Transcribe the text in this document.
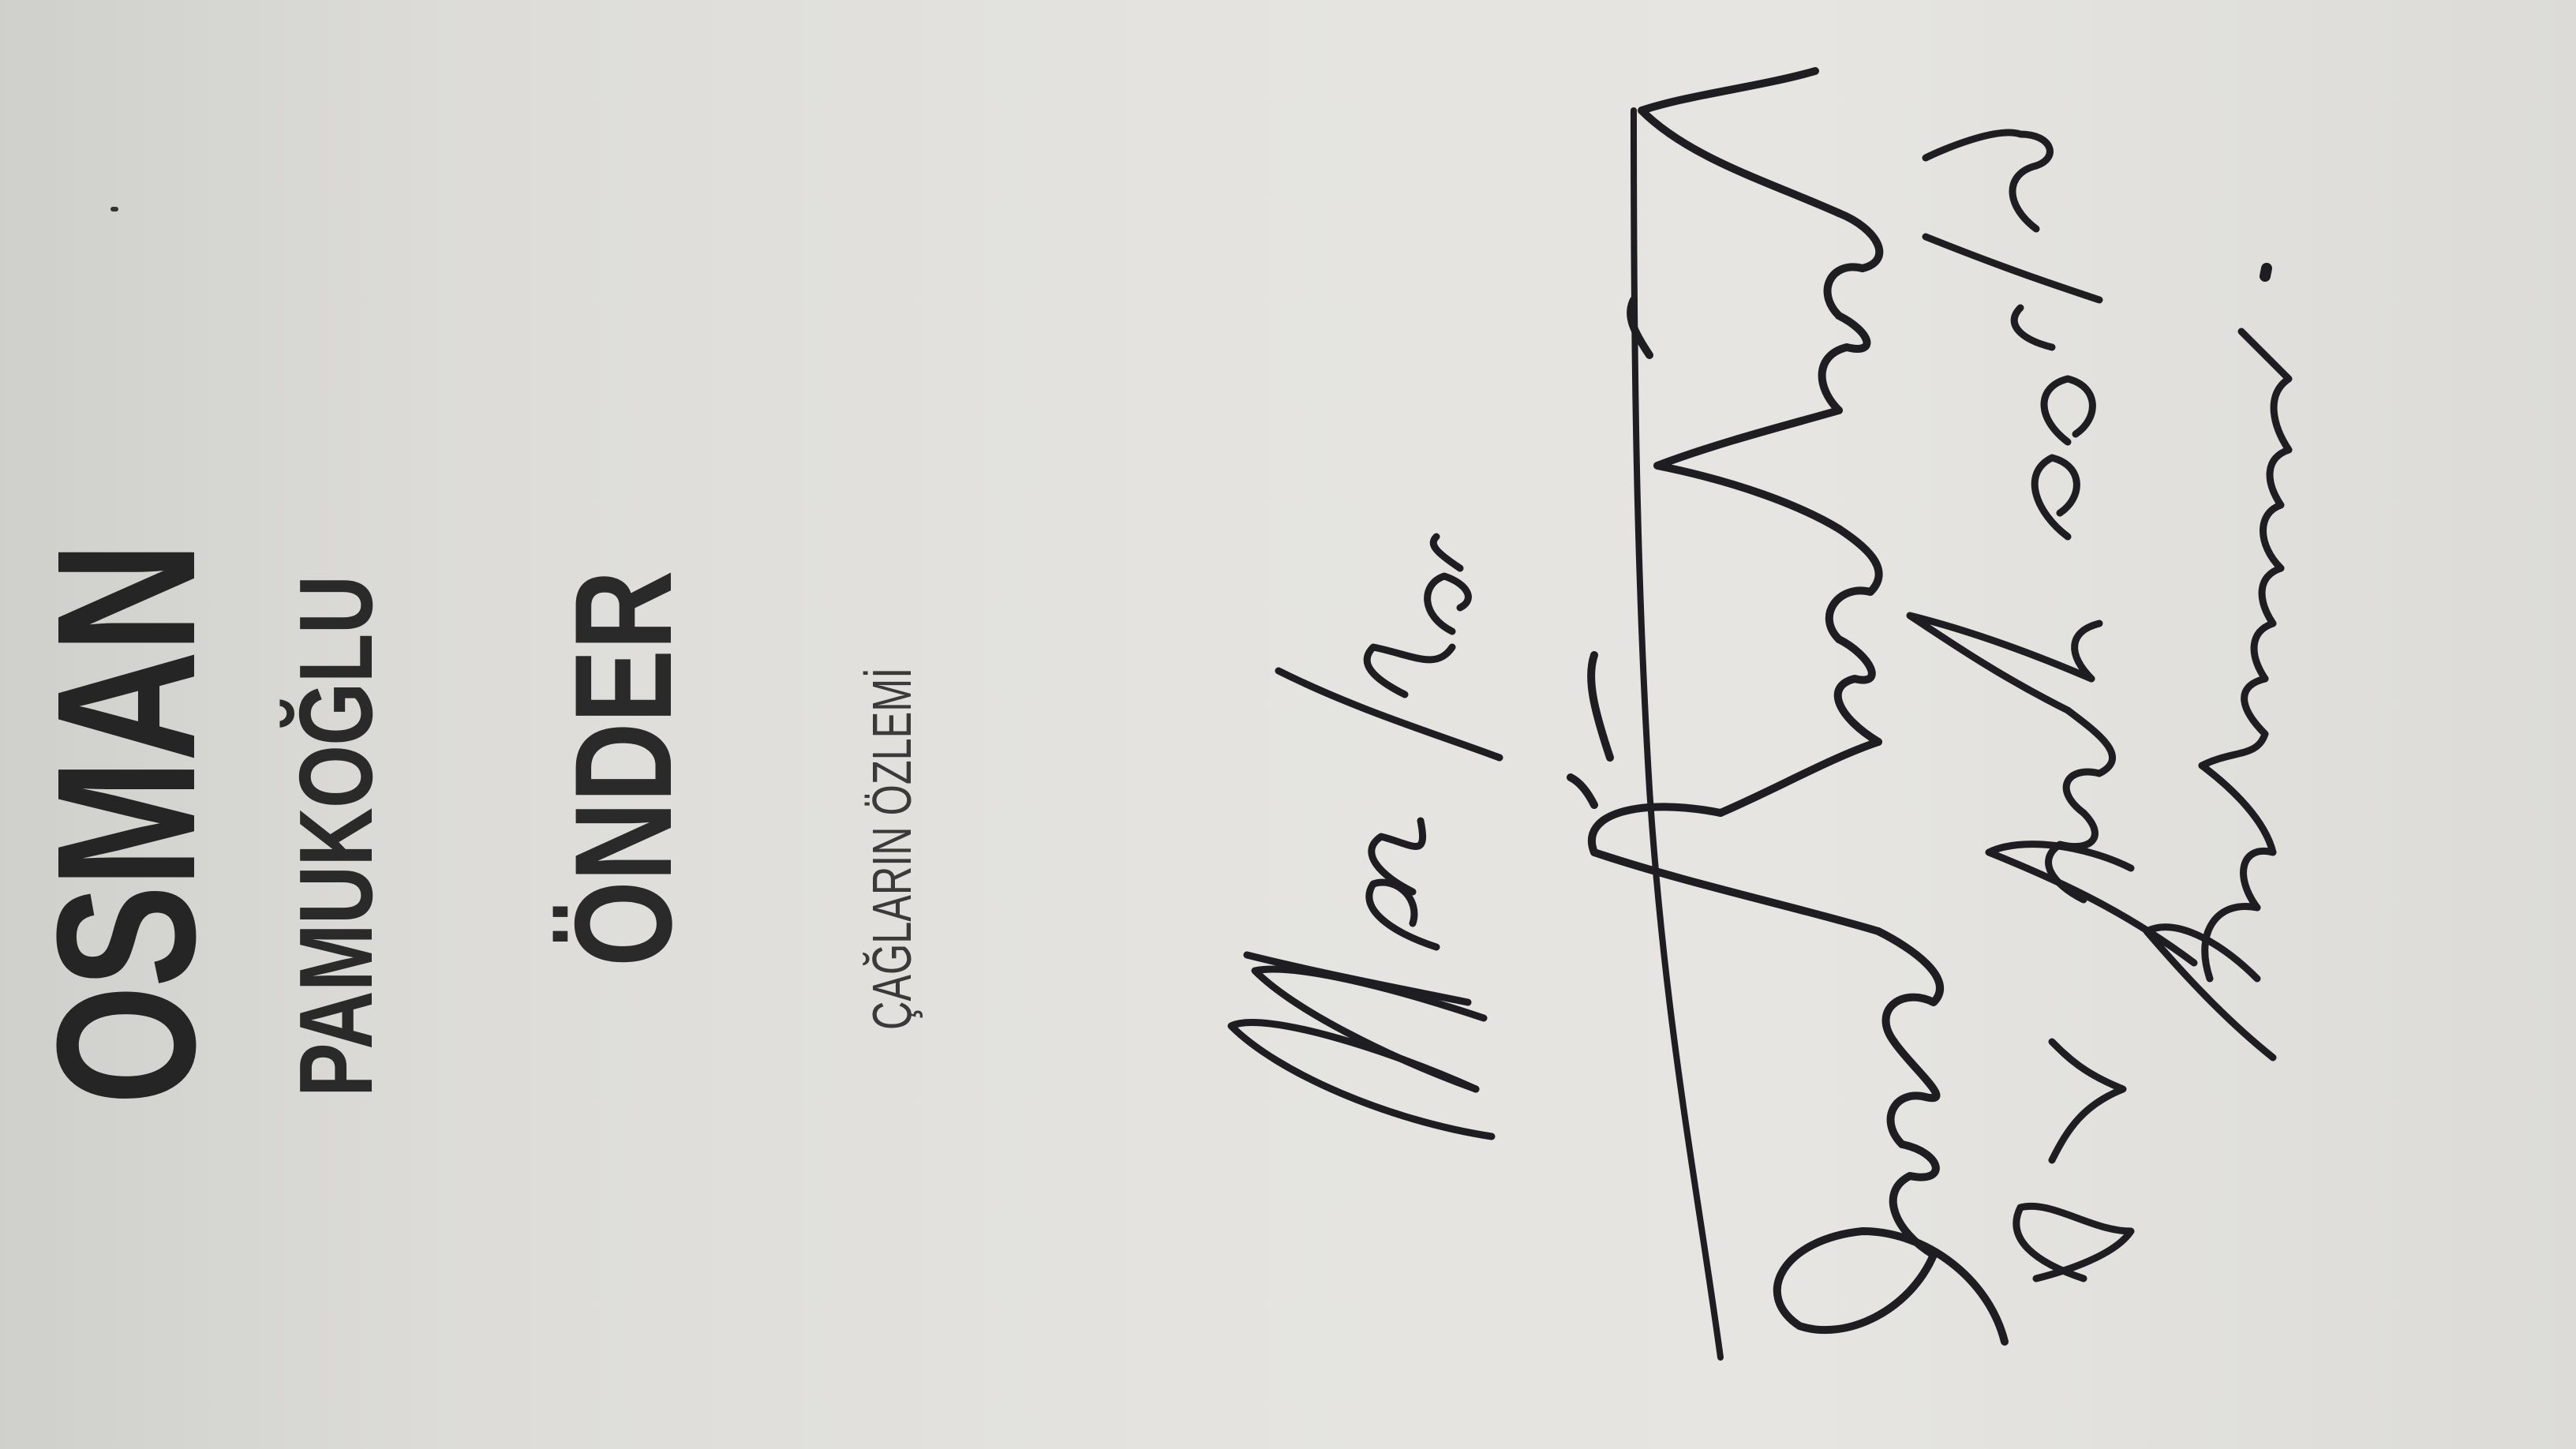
OSMAN PAMUKOĞLU ÖNDER	ÇAĞLARIN ÖZLEMİ
